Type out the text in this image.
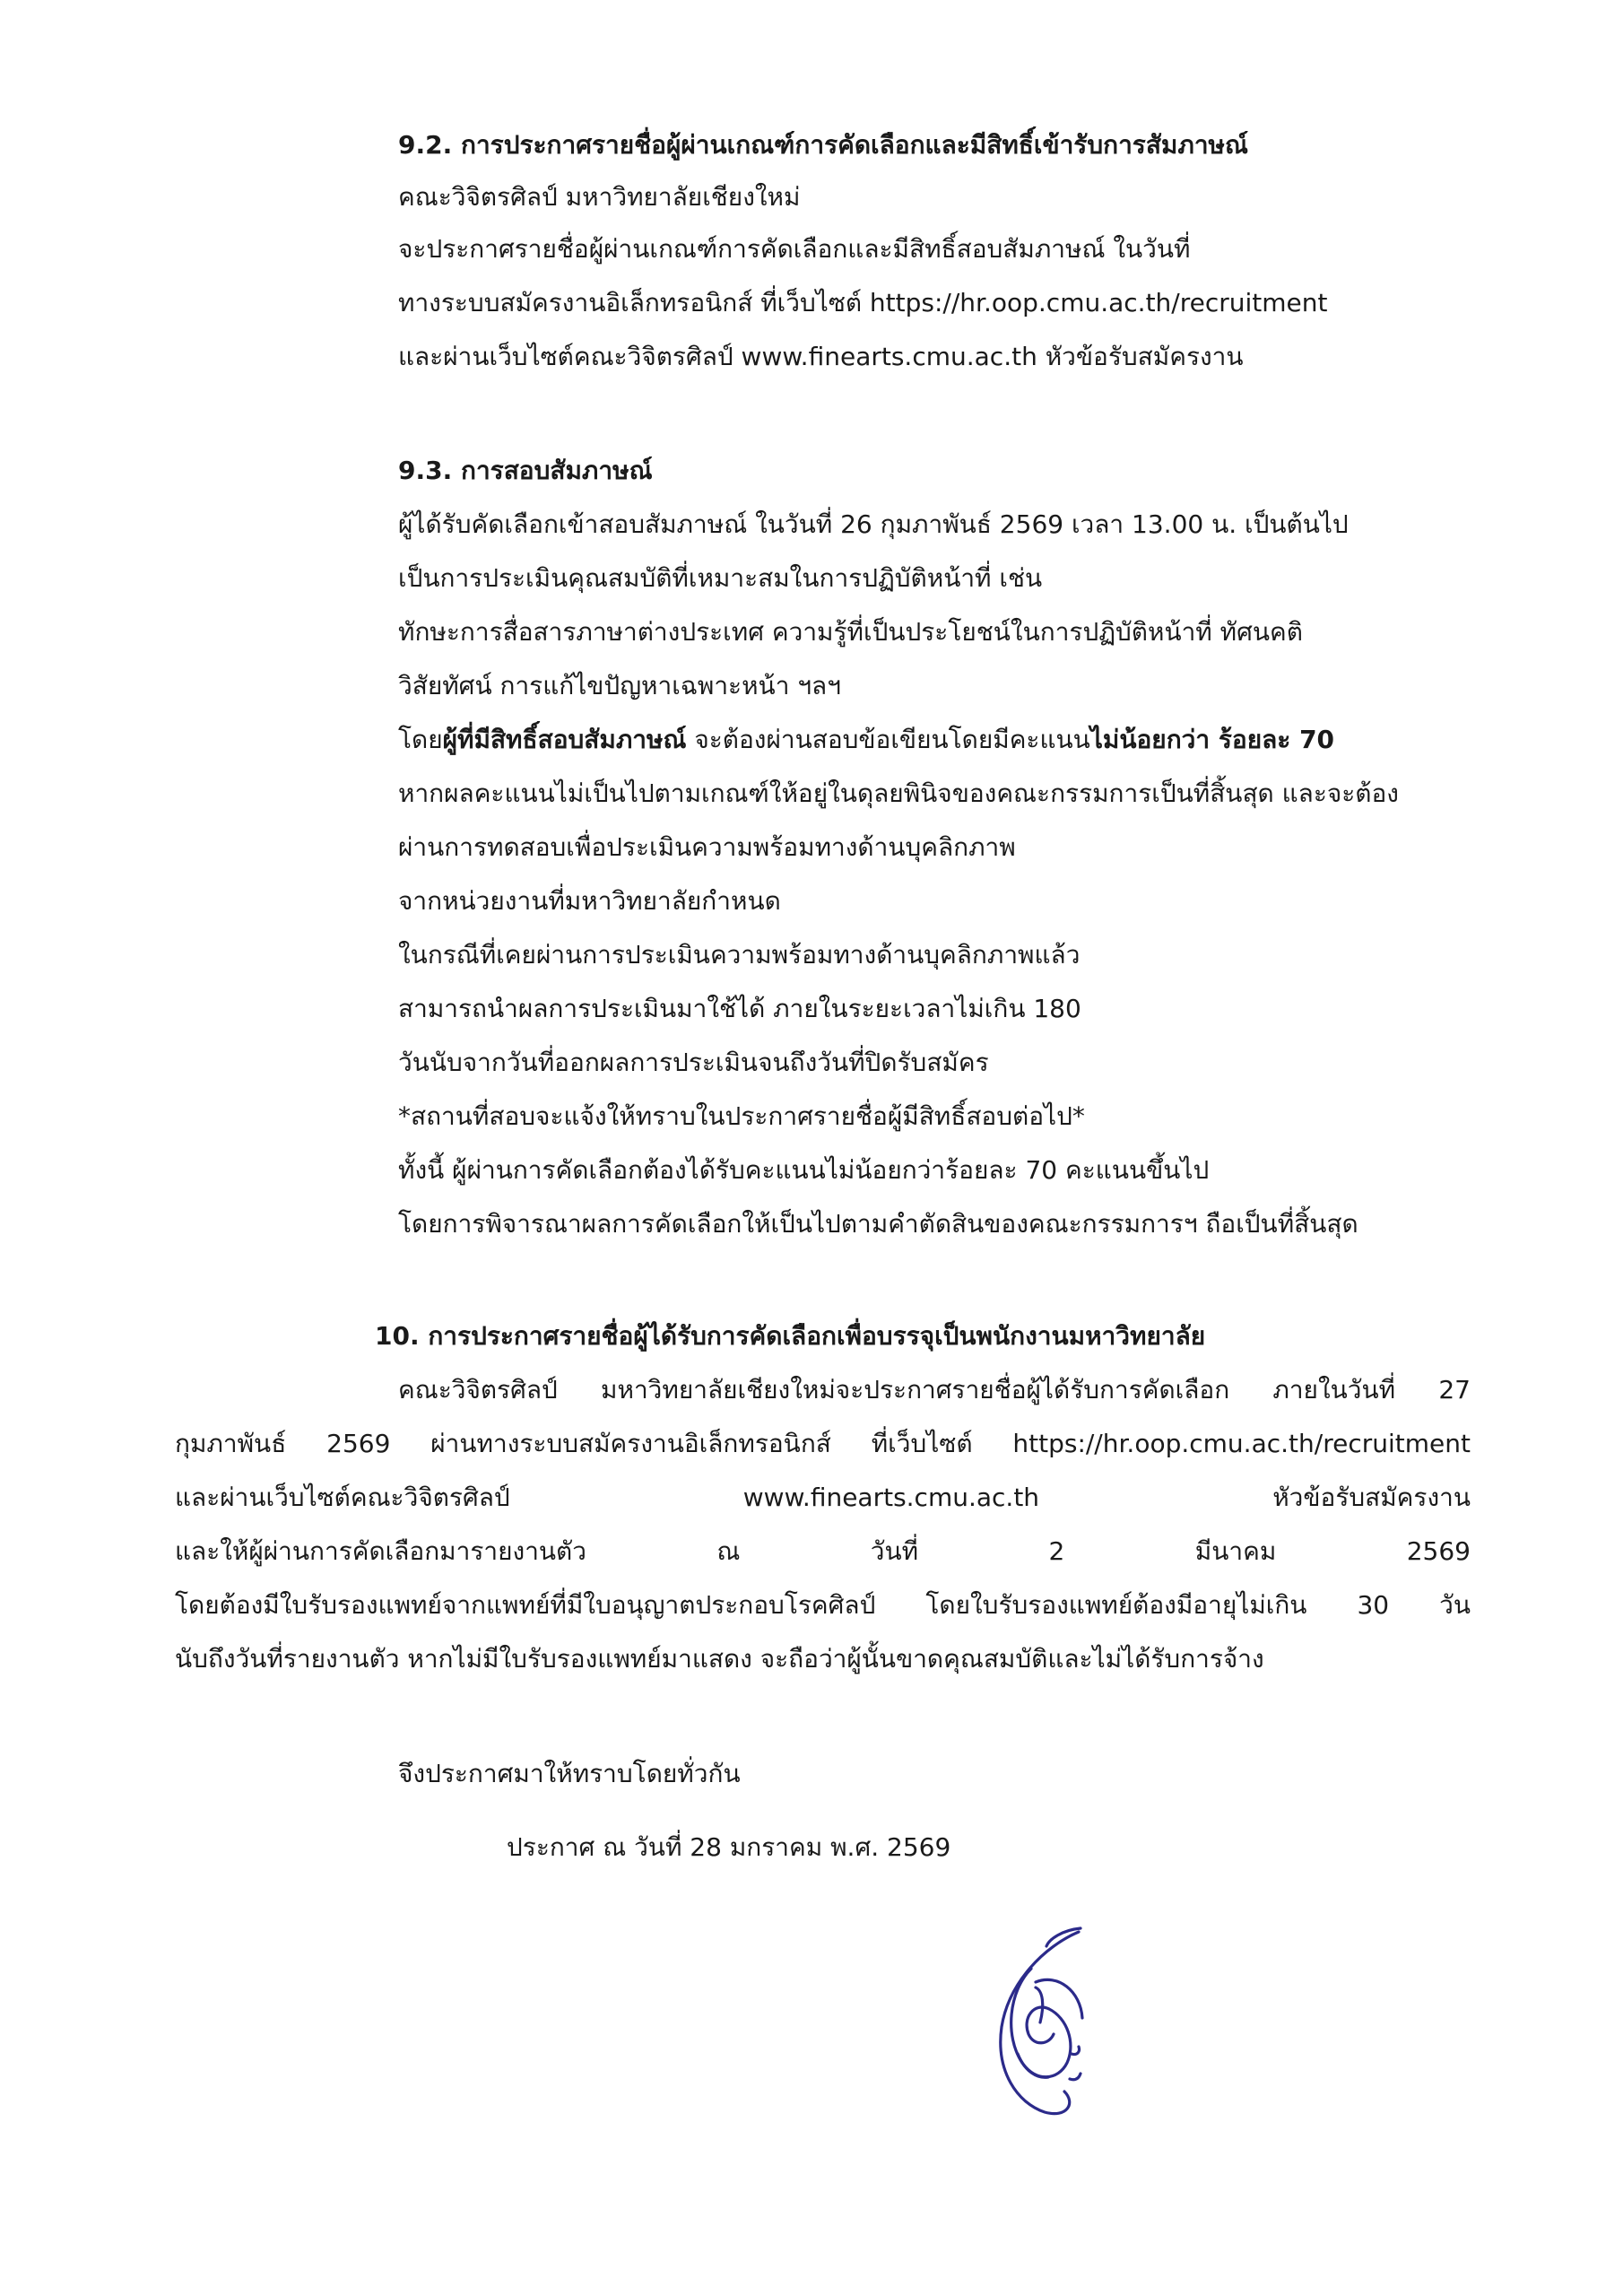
9.2. การประกาศรายชื่อผู้ผ่านเกณฑ์การคัดเลือกและมีสิทธิ์เข้ารับการสัมภาษณ์
คณะวิจิตรศิลป์ มหาวิทยาลัยเชียงใหม่
จะประกาศรายชื่อผู้ผ่านเกณฑ์การคัดเลือกและมีสิทธิ์สอบสัมภาษณ์ ในวันที่
ทางระบบสมัครงานอิเล็กทรอนิกส์ ที่เว็บไซต์ https://hr.oop.cmu.ac.th/recruitment
และผ่านเว็บไซต์คณะวิจิตรศิลป์ www.finearts.cmu.ac.th หัวข้อรับสมัครงาน
9.3. การสอบสัมภาษณ์
ผู้ได้รับคัดเลือกเข้าสอบสัมภาษณ์ ในวันที่ 26 กุมภาพันธ์ 2569 เวลา 13.00 น. เป็นต้นไป
เป็นการประเมินคุณสมบัติที่เหมาะสมในการปฏิบัติหน้าที่ เช่น
ทักษะการสื่อสารภาษาต่างประเทศ ความรู้ที่เป็นประโยชน์ในการปฏิบัติหน้าที่ ทัศนคติ
วิสัยทัศน์ การแก้ไขปัญหาเฉพาะหน้า ฯลฯ
โดยผู้ที่มีสิทธิ์สอบสัมภาษณ์ จะต้องผ่านสอบข้อเขียนโดยมีคะแนนไม่น้อยกว่า ร้อยละ 70
หากผลคะแนนไม่เป็นไปตามเกณฑ์ให้อยู่ในดุลยพินิจของคณะกรรมการเป็นที่สิ้นสุด และจะต้อง
ผ่านการทดสอบเพื่อประเมินความพร้อมทางด้านบุคลิกภาพ
จากหน่วยงานที่มหาวิทยาลัยกำหนด
ในกรณีที่เคยผ่านการประเมินความพร้อมทางด้านบุคลิกภาพแล้ว
สามารถนำผลการประเมินมาใช้ได้ ภายในระยะเวลาไม่เกิน 180
วันนับจากวันที่ออกผลการประเมินจนถึงวันที่ปิดรับสมัคร
*สถานที่สอบจะแจ้งให้ทราบในประกาศรายชื่อผู้มีสิทธิ์สอบต่อไป*
ทั้งนี้ ผู้ผ่านการคัดเลือกต้องได้รับคะแนนไม่น้อยกว่าร้อยละ 70 คะแนนขึ้นไป
โดยการพิจารณาผลการคัดเลือกให้เป็นไปตามคำตัดสินของคณะกรรมการฯ ถือเป็นที่สิ้นสุด
10. การประกาศรายชื่อผู้ได้รับการคัดเลือกเพื่อบรรจุเป็นพนักงานมหาวิทยาลัย
คณะวิจิตรศิลป์ มหาวิทยาลัยเชียงใหม่จะประกาศรายชื่อผู้ได้รับการคัดเลือก ภายในวันที่ 27
กุมภาพันธ์ 2569 ผ่านทางระบบสมัครงานอิเล็กทรอนิกส์ ที่เว็บไซต์ https://hr.oop.cmu.ac.th/recruitment
และผ่านเว็บไซต์คณะวิจิตรศิลป์	www.finearts.cmu.ac.th	หัวข้อรับสมัครงาน
และให้ผู้ผ่านการคัดเลือกมารายงานตัว	ณ	วันที่	2	มีนาคม	2569
โดยต้องมีใบรับรองแพทย์จากแพทย์ที่มีใบอนุญาตประกอบโรคศิลป์ โดยใบรับรองแพทย์ต้องมีอายุไม่เกิน 30 วัน
นับถึงวันที่รายงานตัว หากไม่มีใบรับรองแพทย์มาแสดง จะถือว่าผู้นั้นขาดคุณสมบัติและไม่ได้รับการจ้าง
จึงประกาศมาให้ทราบโดยทั่วกัน
ประกาศ ณ วันที่ 28 มกราคม พ.ศ. 2569
